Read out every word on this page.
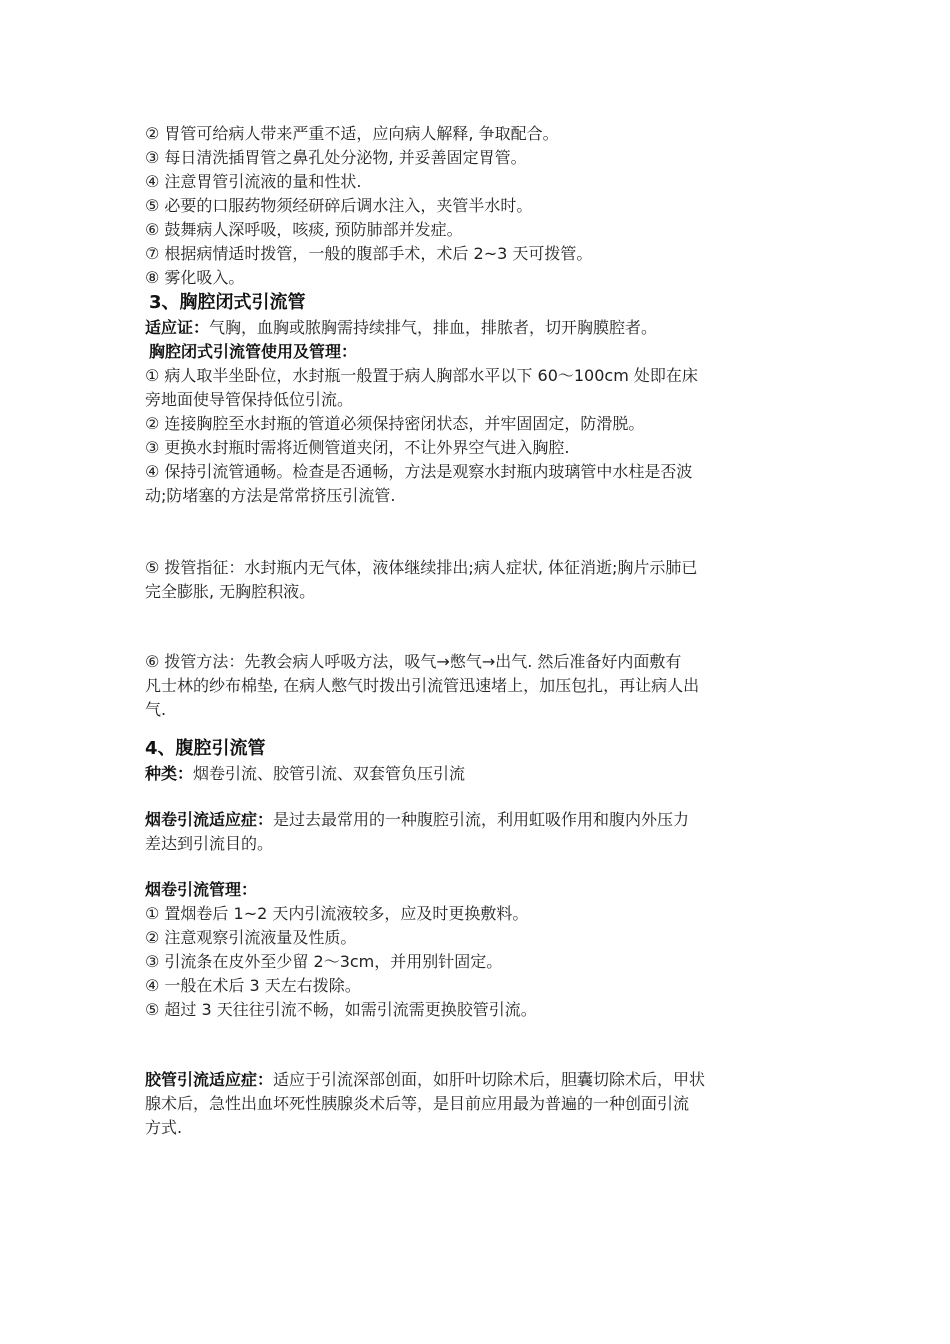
② 胃管可给病人带来严重不适，应向病人解释, 争取配合。
③ 每日清洗插胃管之鼻孔处分泌物, 并妥善固定胃管。
④ 注意胃管引流液的量和性状.
⑤ 必要的口服药物须经研碎后调水注入，夹管半水时。
⑥ 鼓舞病人深呼吸，咳痰, 预防肺部并发症。
⑦ 根据病情适时拨管，一般的腹部手术，术后 2~3 天可拨管。
⑧ 雾化吸入。
3、胸腔闭式引流管
适应证：气胸，血胸或脓胸需持续排气，排血，排脓者，切开胸膜腔者。
胸腔闭式引流管使用及管理：
① 病人取半坐卧位，水封瓶一般置于病人胸部水平以下 60～100cm 处即在床
旁地面使导管保持低位引流。
② 连接胸腔至水封瓶的管道必须保持密闭状态，并牢固固定，防滑脱。
③ 更换水封瓶时需将近侧管道夹闭，不让外界空气进入胸腔.
④ 保持引流管通畅。检查是否通畅，方法是观察水封瓶内玻璃管中水柱是否波
动;防堵塞的方法是常常挤压引流管.
⑤ 拨管指征：水封瓶内无气体，液体继续排出;病人症状, 体征消逝;胸片示肺已
完全膨胀, 无胸腔积液。
⑥ 拨管方法：先教会病人呼吸方法，吸气→憋气→出气. 然后准备好内面敷有
凡士林的纱布棉垫, 在病人憋气时拨出引流管迅速堵上，加压包扎，再让病人出
气.
4、腹腔引流管
种类：烟卷引流、胶管引流、双套管负压引流
烟卷引流适应症：是过去最常用的一种腹腔引流，利用虹吸作用和腹内外压力
差达到引流目的。
烟卷引流管理：
① 置烟卷后 1~2 天内引流液较多，应及时更换敷料。
② 注意观察引流液量及性质。
③ 引流条在皮外至少留 2～3cm，并用别针固定。
④ 一般在术后 3 天左右拨除。
⑤ 超过 3 天往往引流不畅，如需引流需更换胶管引流。
胶管引流适应症：适应于引流深部创面，如肝叶切除术后，胆囊切除术后，甲状
腺术后，急性出血坏死性胰腺炎术后等，是目前应用最为普遍的一种创面引流
方式.
